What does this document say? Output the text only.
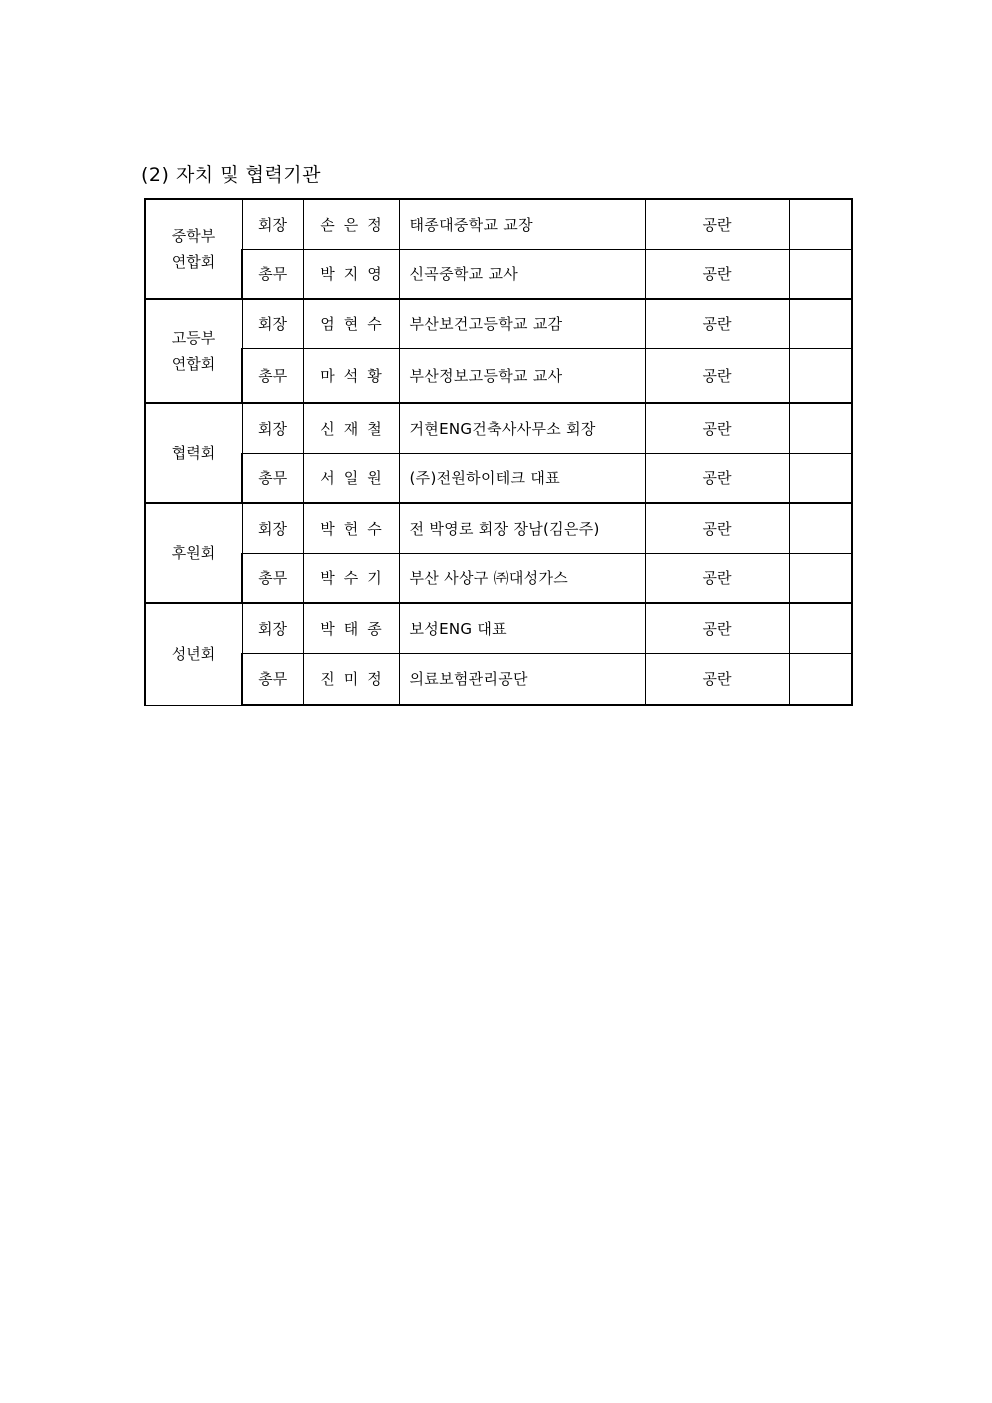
(2) 자치 및 협력기관
중학부
연합회	회장	손은정	태종대중학교 교장	공란	
	총무	박지영	신곡중학교 교사	공란	

고등부
연합회	회장	엄현수	부산보건고등학교 교감	공란	
	총무	마석황	부산정보고등학교 교사	공란	

협력회	회장	신재철	거현ENG건축사사무소 회장	공란	
	총무	서일원	(주)전원하이테크 대표	공란	

후원회	회장	박헌수	전 박영로 회장 장남(김은주)	공란	
	총무	박수기	부산 사상구 ㈜대성가스	공란	

성년회	회장	박태종	보성ENG 대표	공란	
	총무	진미정	의료보험관리공단	공란	
